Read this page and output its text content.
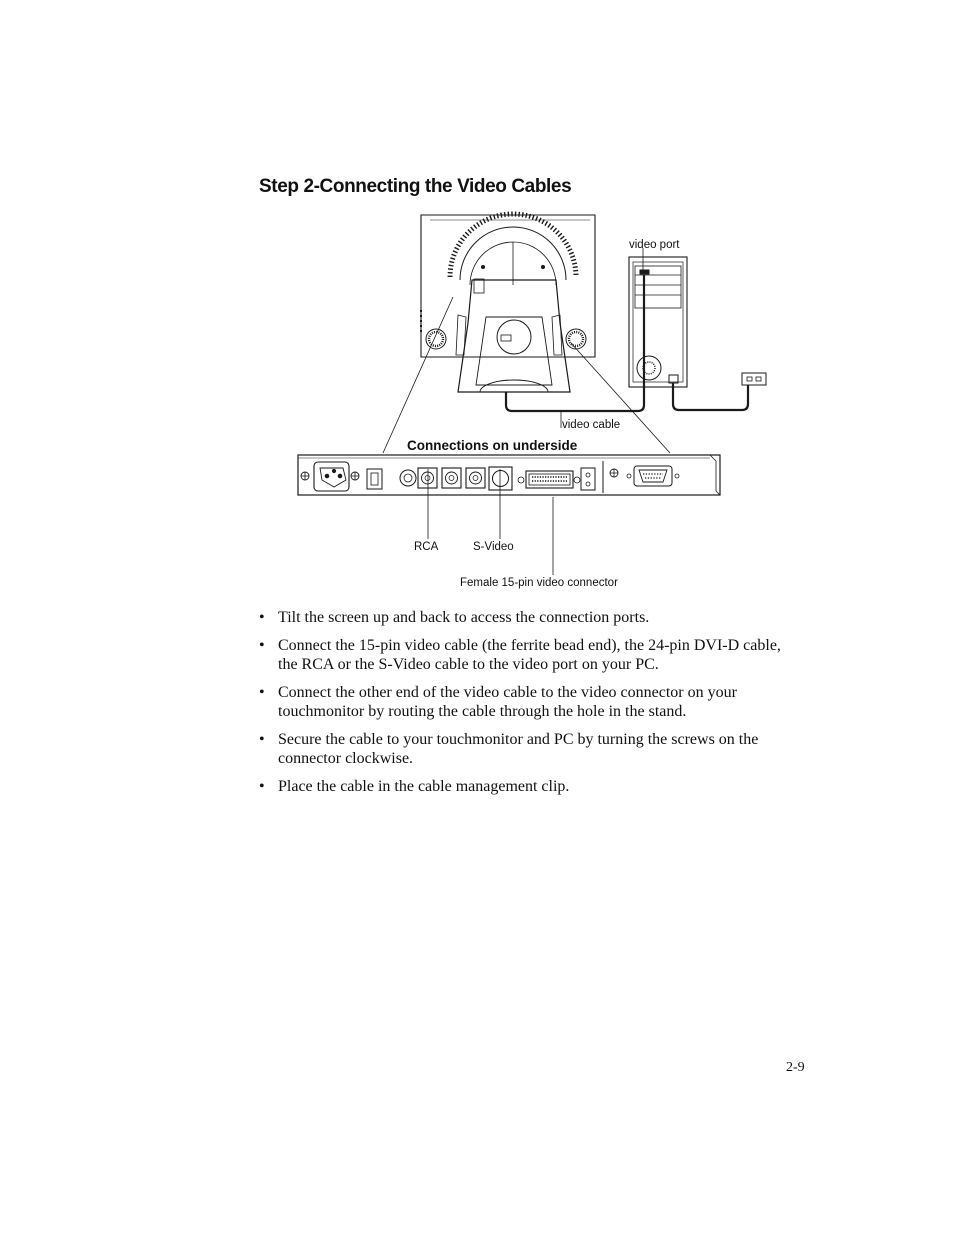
Step 2-Connecting the Video Cables
video port
video cable
Connections on underside
RCA	S-Video
Female 15-pin video connector
• Tilt the screen up and back to access the connection ports.
• Connect the 15-pin video cable (the ferrite bead end), the 24-pin DVI-D cable, the RCA or the S-Video cable to the video port on your PC.
• Connect the other end of the video cable to the video connector on your touchmonitor by routing the cable through the hole in the stand.
• Secure the cable to your touchmonitor and PC by turning the screws on the connector clockwise.
• Place the cable in the cable management clip.
2-9
